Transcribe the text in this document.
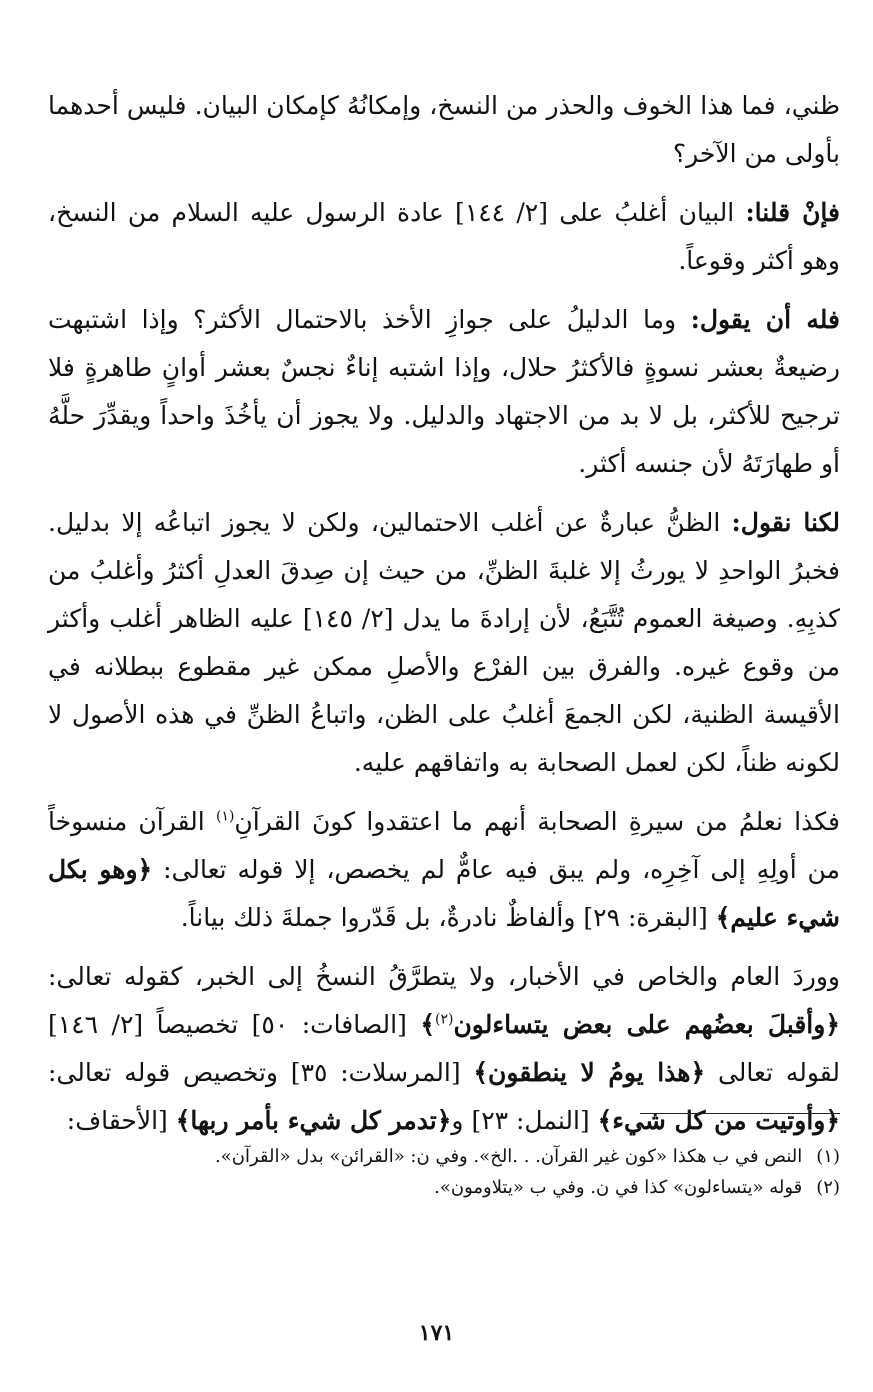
ظني، فما هذا الخوف والحذر من النسخ، وإمكانُهُ كإمكان البيان. فليس أحدهما بأولى من الآخر؟

فإنْ قلنا: البيان أغلبُ على [٢/ ١٤٤] عادة الرسول عليه السلام من النسخ، وهو أكثر وقوعاً.

فله أن يقول: وما الدليلُ على جوازِ الأخذ بالاحتمال الأكثر؟ وإذا اشتبهت رضيعةٌ بعشر نسوةٍ فالأكثرُ حلال، وإذا اشتبه إناءٌ نجسٌ بعشر أوانٍ طاهرةٍ فلا ترجيح للأكثر، بل لا بد من الاجتهاد والدليل. ولا يجوز أن يأخُذَ واحداً ويقدِّرَ حلَّهُ أو طهارَتَهُ لأن جنسه أكثر.

لكنا نقول: الظنُّ عبارةٌ عن أغلب الاحتمالين، ولكن لا يجوز اتباعُه إلا بدليل. فخبرُ الواحدِ لا يورثُ إلا غلبةَ الظنِّ، من حيث إن صِدقَ العدلِ أكثرُ وأغلبُ من كذبِهِ. وصيغة العموم تُتَّبَعُ، لأن إرادةَ ما يدل [٢/ ١٤٥] عليه الظاهر أغلب وأكثر من وقوع غيره. والفرق بين الفرْع والأصلِ ممكن غير مقطوع ببطلانه في الأقيسة الظنية، لكن الجمعَ أغلبُ على الظن، واتباعُ الظنِّ في هذه الأصول لا لكونه ظناً، لكن لعمل الصحابة به واتفاقهم عليه.

فكذا نعلمُ من سيرةِ الصحابة أنهم ما اعتقدوا كونَ القرآنِ$^{(١)}$ القرآن منسوخاً من أولِهِ إلى آخِرِه، ولم يبق فيه عامٌّ لم يخصص، إلا قوله تعالى: ﴿وهو بكل شيء عليم﴾ [البقرة: ٢٩] وألفاظٌ نادرةٌ، بل قَدّروا جملةَ ذلك بياناً.

ووردَ العام والخاص في الأخبار، ولا يتطرَّقُ النسخُ إلى الخبر، كقوله تعالى: ﴿وأقبلَ بعضُهم على بعض يتساءلون$^{(٢)}$﴾ [الصافات: ٥٠] تخصيصاً [٢/ ١٤٦] لقوله تعالى ﴿هذا يومُ لا ينطقون﴾ [المرسلات: ٣٥] وتخصيص قوله تعالى: ﴿وأوتيت من كل شيء﴾ [النمل: ٢٣] و﴿تدمر كل شيء بأمر ربها﴾ [الأحقاف:

(١) النص في ب هكذا «كون غير القرآن. . .الخ». وفي ن: «القرائن» بدل «القرآن».
(٢) قوله «يتساءلون» كذا في ن. وفي ب «يتلاومون».
١٧١
